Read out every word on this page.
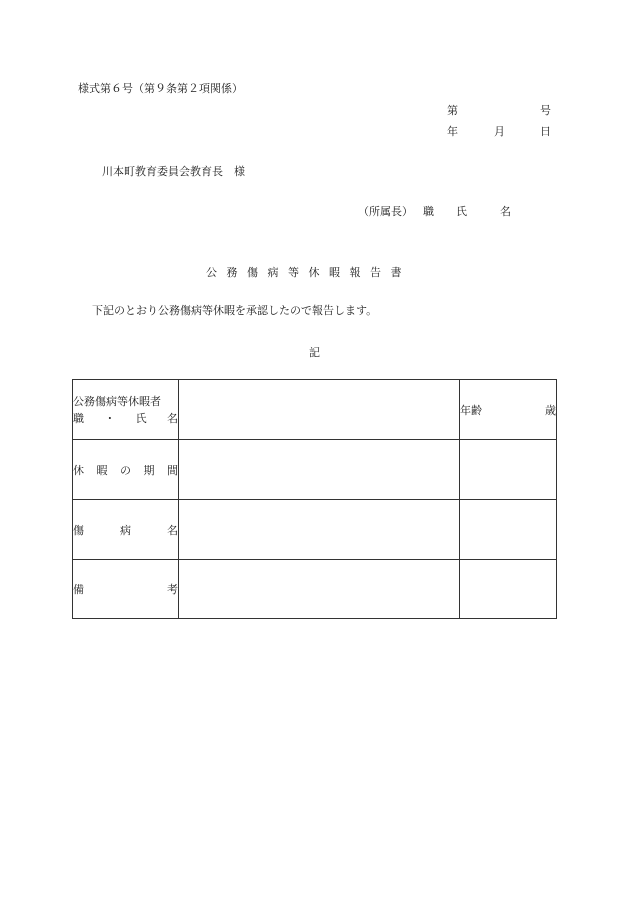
様式第６号（第９条第２項関係）
第	号
年	月	日
川本町教育委員会教育長　様
（所属長） 職　　氏　　　名
公 務 傷 病 等 休 暇 報 告 書
下記のとおり公務傷病等休暇を承認したので報告します。
記
公務傷病等休暇者
職 ・ 氏 名		年齢 歳

休 暇 の 期 間		

傷 病 名		

備 考		
